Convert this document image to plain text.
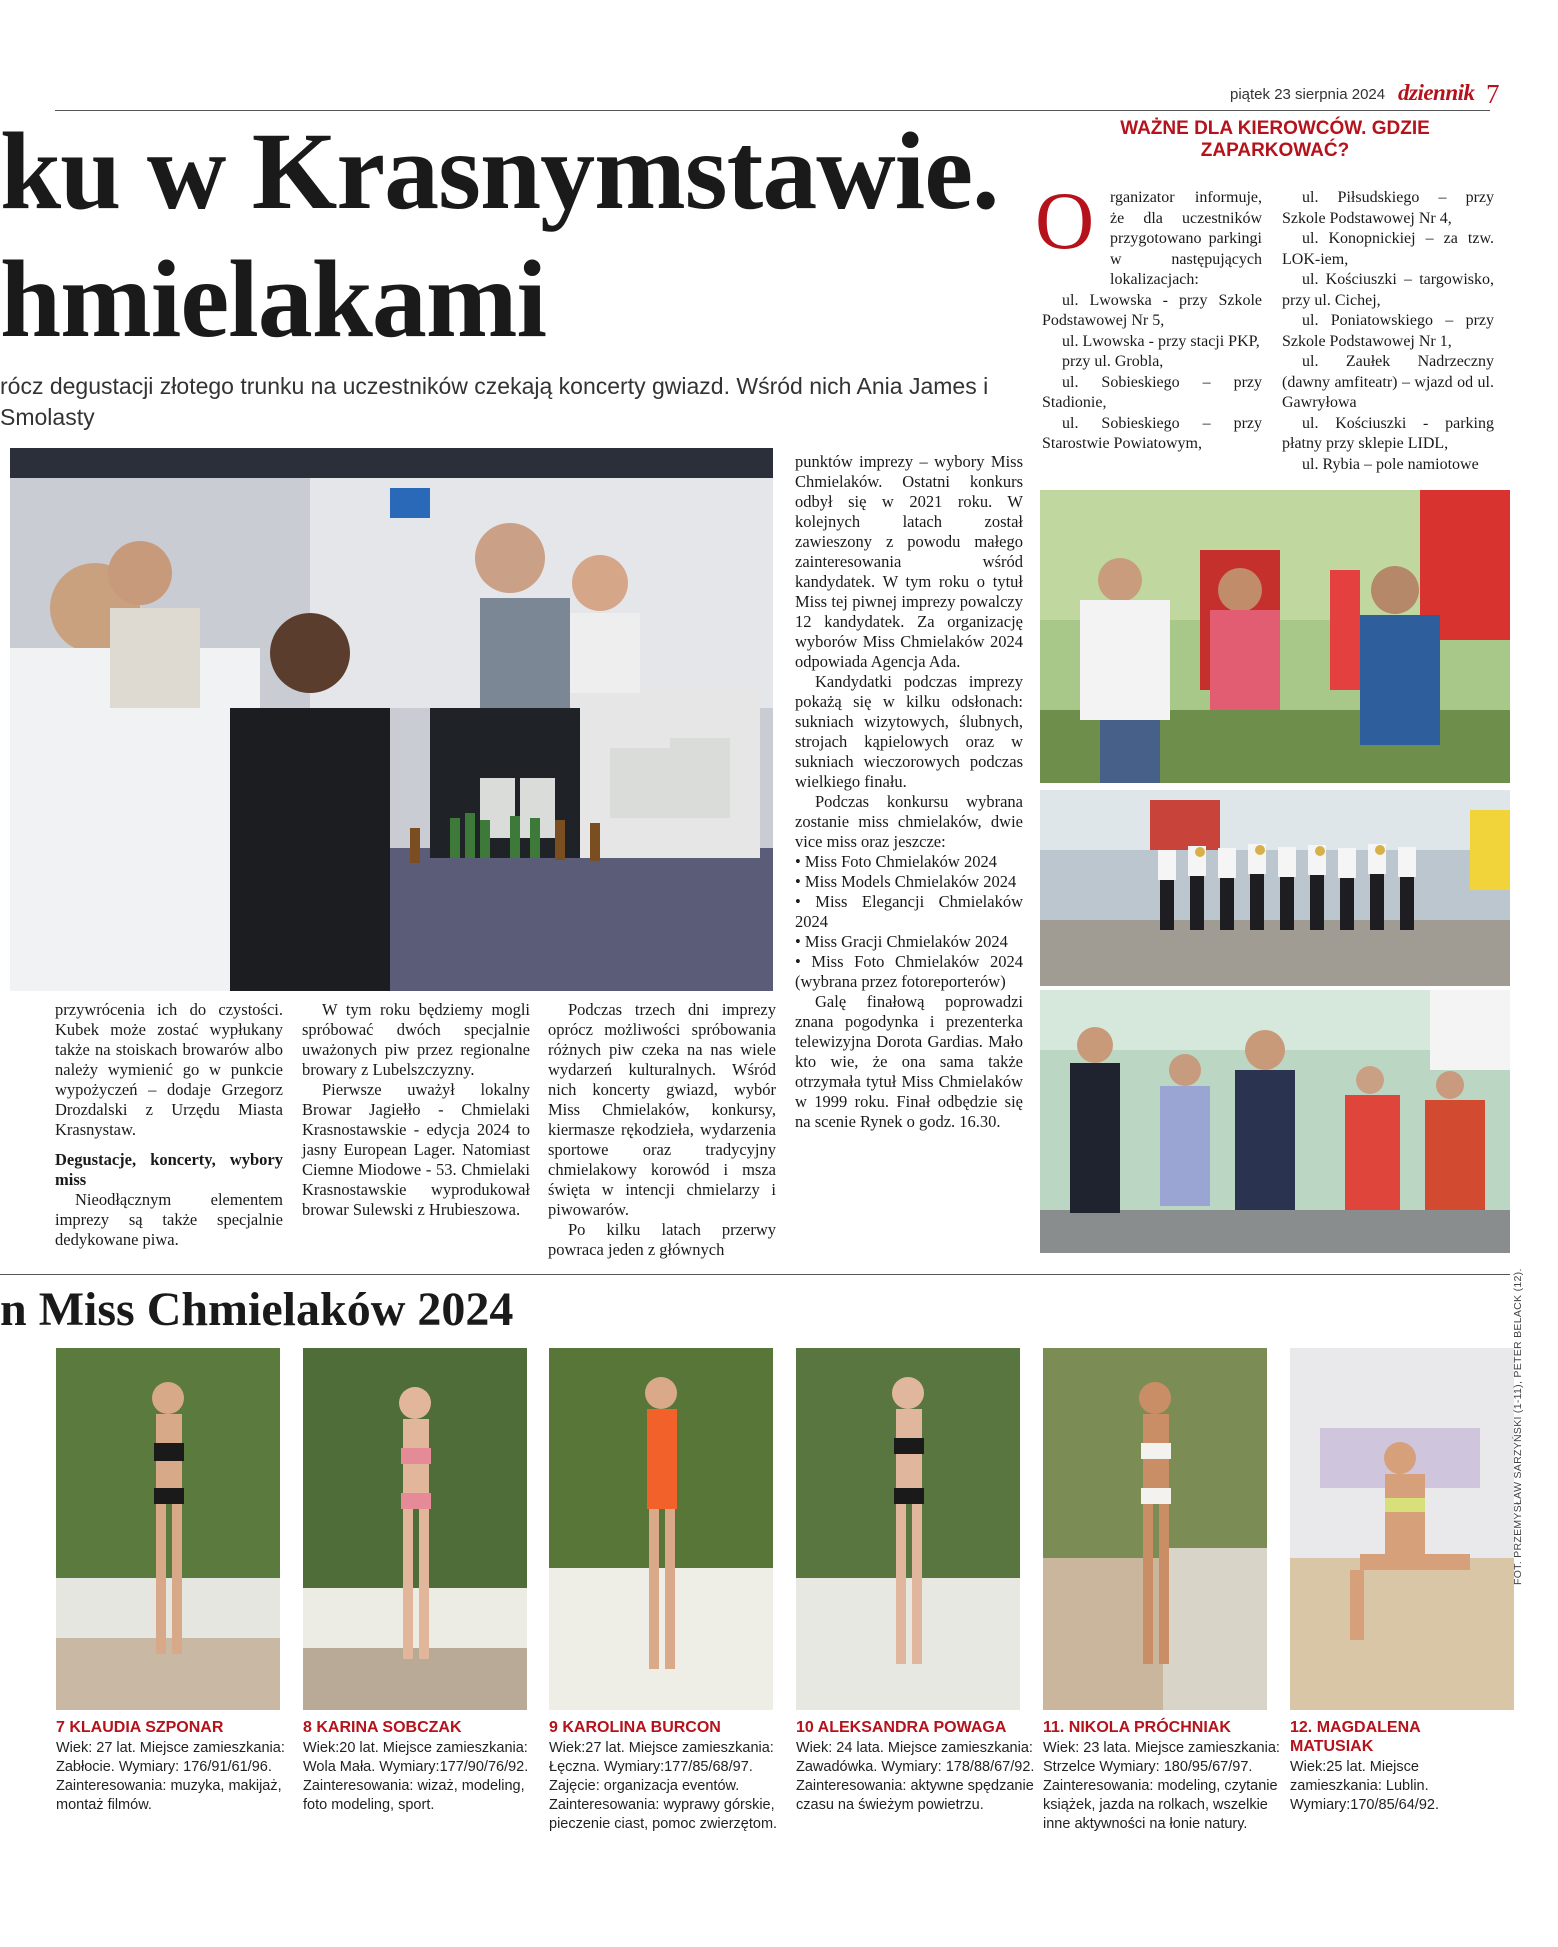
piątek 23 sierpnia 2024 dziennik 7
ku w Krasnymstawie.
hmielakami
rócz degustacji złotego trunku na uczestników czekają koncerty gwiazd. Wśród nich Ania James i Smolasty

przywrócenia ich do czystości. Kubek może zostać wypłukany także na stoiskach browarów albo należy wymienić go w punkcie wypożyczeń – dodaje Grzegorz Drozdalski z Urzędu Miasta Krasnystaw.

Degustacje, koncerty, wybory miss

Nieodłącznym elementem imprezy są także specjalnie dedykowane piwa.

W tym roku będziemy mogli spróbować dwóch specjalnie uważonych piw przez regionalne browary z Lubelszczyzny.

Pierwsze uważył lokalny Browar Jagiełło - Chmielaki Krasnostawskie - edycja 2024 to jasny European Lager. Natomiast Ciemne Miodowe - 53. Chmielaki Krasnostawskie wyprodukował browar Sulewski z Hrubieszowa.

Podczas trzech dni imprezy oprócz możliwości spróbowania różnych piw czeka na nas wiele wydarzeń kulturalnych. Wśród nich koncerty gwiazd, wybór Miss Chmielaków, konkursy, kiermasze rękodzieła, wydarzenia sportowe oraz tradycyjny chmielakowy korowód i msza święta w intencji chmielarzy i piwowarów.

Po kilku latach przerwy powraca jeden z głównych

punktów imprezy – wybory Miss Chmielaków. Ostatni konkurs odbył się w 2021 roku. W kolejnych latach został zawieszony z powodu małego zainteresowania wśród kandydatek. W tym roku o tytuł Miss tej piwnej imprezy powalczy 12 kandydatek. Za organizację wyborów Miss Chmielaków 2024 odpowiada Agencja Ada.

Kandydatki podczas imprezy pokażą się w kilku odsłonach: sukniach wizytowych, ślubnych, strojach kąpielowych oraz w sukniach wieczorowych podczas wielkiego finału.

Podczas konkursu wybrana zostanie miss chmielaków, dwie vice miss oraz jeszcze:

• Miss Foto Chmielaków 2024
• Miss Models Chmielaków 2024
• Miss Elegancji Chmielaków 2024
• Miss Gracji Chmielaków 2024
• Miss Foto Chmielaków 2024 (wybrana przez fotoreporterów)

Galę finałową poprowadzi znana pogodynka i prezenterka telewizyjna Dorota Gardias. Mało kto wie, że ona sama także otrzymała tytuł Miss Chmielaków w 1999 roku. Finał odbędzie się na scenie Rynek o godz. 16.30.

WAŻNE DLA KIEROWCÓW. GDZIE ZAPARKOWAĆ?
O rganizator informuje, że dla uczestników przygotowano parkingi w następujących lokalizacjach:

ul. Lwowska - przy Szkole Podstawowej Nr 5,

ul. Lwowska - przy stacji PKP,

przy ul. Grobla,

ul. Sobieskiego – przy Stadionie,

ul. Sobieskiego – przy Starostwie Powiatowym,

ul. Piłsudskiego – przy Szkole Podstawowej Nr 4,

ul. Konopnickiej – za tzw. LOK-iem,

ul. Kościuszki – targowisko, przy ul. Cichej,

ul. Poniatowskiego – przy Szkole Podstawowej Nr 1,

ul. Zaułek Nadrzeczny (dawny amfiteatr) – wjazd od ul. Gawryłowa

ul. Kościuszki - parking płatny przy sklepie LIDL,

ul. Rybia – pole namiotowe

n Miss Chmielaków 2024
7 KLAUDIA SZPONAR
Wiek: 27 lat. Miejsce zamieszkania: Zabłocie. Wymiary: 176/91/61/96. Zainteresowania: muzyka, makijaż, montaż filmów.
8 KARINA SOBCZAK
Wiek:20 lat. Miejsce zamieszkania: Wola Mała. Wymiary:177/90/76/92. Zainteresowania: wizaż, modeling, foto modeling, sport.
9 KAROLINA BURCON
Wiek:27 lat. Miejsce zamieszkania: Łęczna. Wymiary:177/85/68/97. Zajęcie: organizacja eventów. Zainteresowania: wyprawy górskie, pieczenie ciast, pomoc zwierzętom.
10 ALEKSANDRA POWAGA
Wiek: 24 lata. Miejsce zamieszkania: Zawadówka. Wymiary: 178/88/67/92. Zainteresowania: aktywne spędzanie czasu na świeżym powietrzu.
11. NIKOLA PRÓCHNIAK
Wiek: 23 lata. Miejsce zamieszkania: Strzelce Wymiary: 180/95/67/97. Zainteresowania: modeling, czytanie książek, jazda na rolkach, wszelkie inne aktywności na łonie natury.
12. MAGDALENA MATUSIAK
Wiek:25 lat. Miejsce zamieszkania: Lublin. Wymiary:170/85/64/92.
FOT. PRZEMYSŁAW SARZYŃSKI (1-11), PETER BELACK (12).
